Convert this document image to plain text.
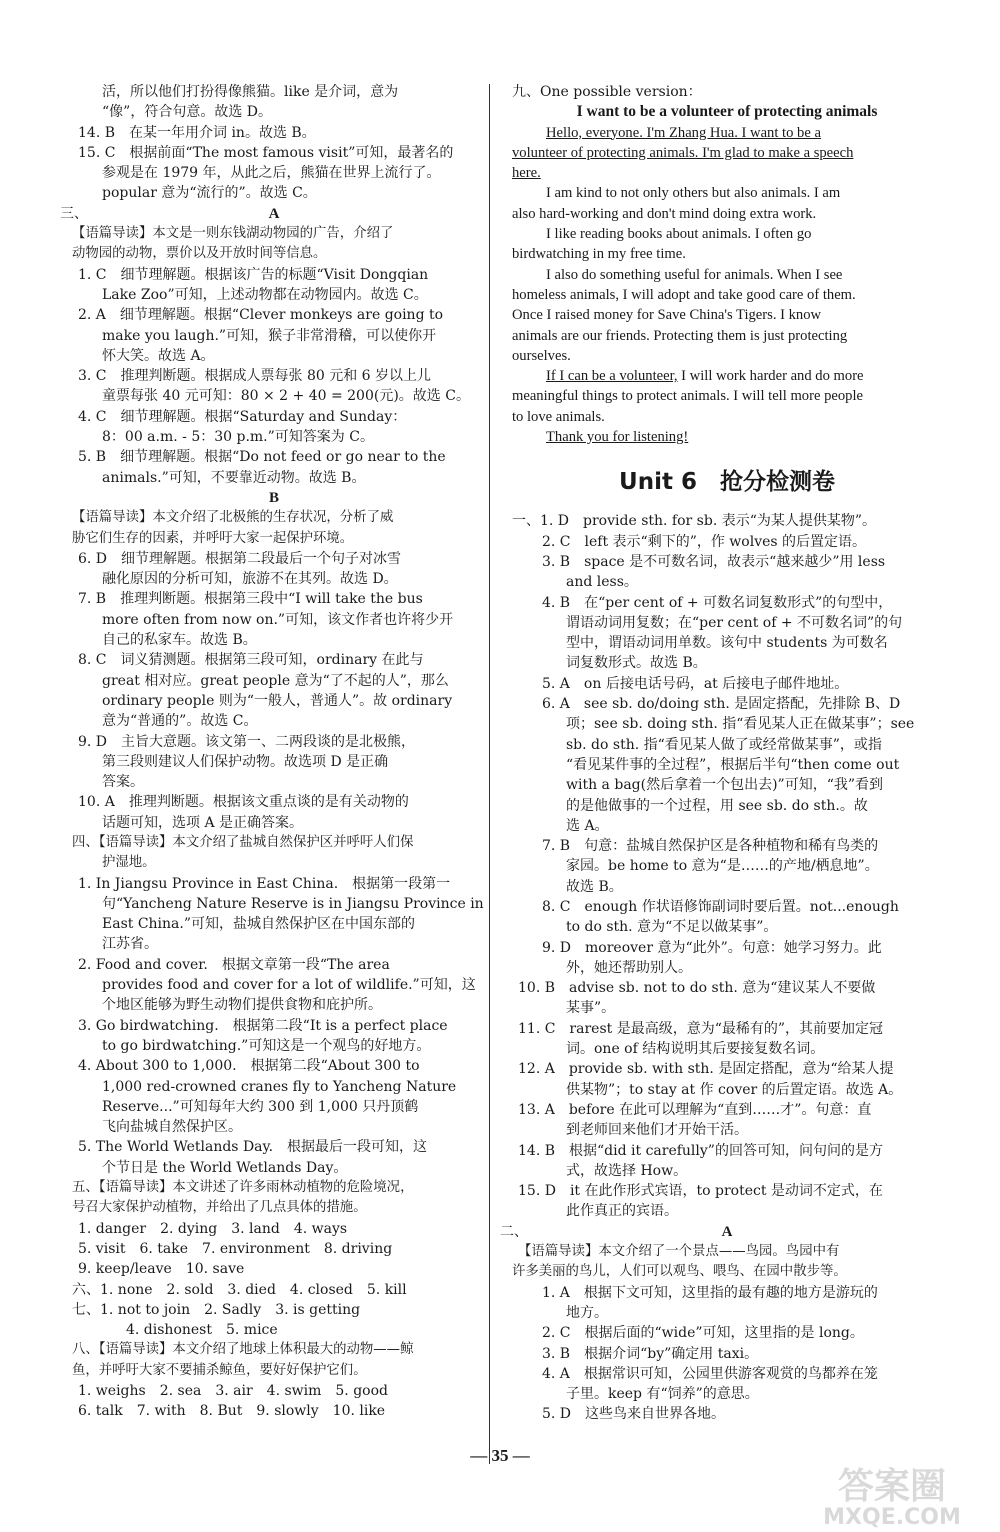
活，所以他们打扮得像熊猫。like 是介词，意为

“像”，符合句意。故选 D。

14. B　在某一年用介词 in。故选 B。

15. C　根据前面“The most famous visit”可知，最著名的

参观是在 1979 年，从此之后，熊猫在世界上流行了。

popular 意为“流行的”。故选 C。

三、	A

【语篇导读】本文是一则东钱湖动物园的广告，介绍了

动物园的动物，票价以及开放时间等信息。

1. C　细节理解题。根据该广告的标题“Visit Dongqian

Lake Zoo”可知，上述动物都在动物园内。故选 C。

2. A　细节理解题。根据“Clever monkeys are going to

make you laugh.”可知，猴子非常滑稽，可以使你开

怀大笑。故选 A。

3. C　推理判断题。根据成人票每张 80 元和 6 岁以上儿

童票每张 40 元可知：80 × 2 + 40 = 200(元)。故选 C。

4. C　细节理解题。根据“Saturday and Sunday：

8：00 a.m. - 5：30 p.m.”可知答案为 C。

5. B　细节理解题。根据“Do not feed or go near to the

animals.”可知，不要靠近动物。故选 B。

B

【语篇导读】本文介绍了北极熊的生存状况，分析了威

胁它们生存的因素，并呼吁大家一起保护环境。

6. D　细节理解题。根据第二段最后一个句子对冰雪

融化原因的分析可知，旅游不在其列。故选 D。

7. B　推理判断题。根据第三段中“I will take the bus

more often from now on.”可知，该文作者也许将少开

自己的私家车。故选 B。

8. C　词义猜测题。根据第三段可知，ordinary 在此与

great 相对应。great people 意为“了不起的人”，那么

ordinary people 则为“一般人，普通人”。故 ordinary

意为“普通的”。故选 C。

9. D　主旨大意题。该文第一、二两段谈的是北极熊，

第三段则建议人们保护动物。故选项 D 是正确

答案。

10. A　推理判断题。根据该文重点谈的是有关动物的

话题可知，选项 A 是正确答案。

四、【语篇导读】本文介绍了盐城自然保护区并呼吁人们保

护湿地。

1. In Jiangsu Province in East China.　根据第一段第一

句“Yancheng Nature Reserve is in Jiangsu Province in

East China.”可知，盐城自然保护区在中国东部的

江苏省。

2. Food and cover.　根据文章第一段“The area

provides food and cover for a lot of wildlife.”可知，这

个地区能够为野生动物们提供食物和庇护所。

3. Go birdwatching.　根据第二段“It is a perfect place

to go birdwatching.”可知这是一个观鸟的好地方。

4. About 300 to 1,000.　根据第二段“About 300 to

1,000 red-crowned cranes fly to Yancheng Nature

Reserve...”可知每年大约 300 到 1,000 只丹顶鹤

飞向盐城自然保护区。

5. The World Wetlands Day.　根据最后一段可知，这

个节日是 the World Wetlands Day。

五、【语篇导读】本文讲述了许多雨林动植物的危险境况，

号召大家保护动植物，并给出了几点具体的措施。

1. danger　2. dying　3. land　4. ways

5. visit　6. take　7. environment　8. driving

9. keep/leave　10. save

六、1. none　2. sold　3. died　4. closed　5. kill

七、1. not to join　2. Sadly　3. is getting

4. dishonest　5. mice

八、【语篇导读】本文介绍了地球上体积最大的动物——鲸

鱼，并呼吁大家不要捕杀鲸鱼，要好好保护它们。

1. weighs　2. sea　3. air　4. swim　5. good

6. talk　7. with　8. But　9. slowly　10. like

九、One possible version：

I want to be a volunteer of protecting animals

Hello, everyone. I'm Zhang Hua. I want to be a

volunteer of protecting animals. I'm glad to make a speech

here.

I am kind to not only others but also animals. I am

also hard-working and don't mind doing extra work.

I like reading books about animals. I often go

birdwatching in my free time.

I also do something useful for animals. When I see

homeless animals, I will adopt and take good care of them.

Once I raised money for Save China's Tigers. I know

animals are our friends. Protecting them is just protecting

ourselves.

If I can be a volunteer, I will work harder and do more

meaningful things to protect animals. I will tell more people

to love animals.

Thank you for listening!

Unit 6　抢分检测卷

一、1. D　provide sth. for sb. 表示“为某人提供某物”。

2. C　left 表示“剩下的”，作 wolves 的后置定语。

3. B　space 是不可数名词，故表示“越来越少”用 less

and less。

4. B　在“per cent of + 可数名词复数形式”的句型中，

谓语动词用复数；在“per cent of + 不可数名词”的句

型中，谓语动词用单数。该句中 students 为可数名

词复数形式。故选 B。

5. A　on 后接电话号码，at 后接电子邮件地址。

6. A　see sb. do/doing sth. 是固定搭配，先排除 B、D

项；see sb. doing sth. 指“看见某人正在做某事”；see

sb. do sth. 指“看见某人做了或经常做某事”，或指

“看见某件事的全过程”，根据后半句“then come out

with a bag(然后拿着一个包出去)”可知，“我”看到

的是他做事的一个过程，用 see sb. do sth.。故

选 A。

7. B　句意：盐城自然保护区是各种植物和稀有鸟类的

家园。be home to 意为“是……的产地/栖息地”。

故选 B。

8. C　enough 作状语修饰副词时要后置。not...enough

to do sth. 意为“不足以做某事”。

9. D　moreover 意为“此外”。句意：她学习努力。此

外，她还帮助别人。

10. B　advise sb. not to do sth. 意为“建议某人不要做

某事”。

11. C　rarest 是最高级，意为“最稀有的”，其前要加定冠

词。one of 结构说明其后要接复数名词。

12. A　provide sb. with sth. 是固定搭配，意为“给某人提

供某物”；to stay at 作 cover 的后置定语。故选 A。

13. A　before 在此可以理解为“直到……才”。句意：直

到老师回来他们才开始干活。

14. B　根据“did it carefully”的回答可知，问句问的是方

式，故选择 How。

15. D　it 在此作形式宾语，to protect 是动词不定式，在

此作真正的宾语。

二、	A

【语篇导读】本文介绍了一个景点——鸟园。鸟园中有

许多美丽的鸟儿，人们可以观鸟、喂鸟、在园中散步等。

1. A　根据下文可知，这里指的最有趣的地方是游玩的

地方。

2. C　根据后面的“wide”可知，这里指的是 long。

3. B　根据介词“by”确定用 taxi。

4. A　根据常识可知，公园里供游客观赏的鸟都养在笼

子里。keep 有“饲养”的意思。

5. D　这些鸟来自世界各地。

— 35 —
答案圈
MXQE.COM
